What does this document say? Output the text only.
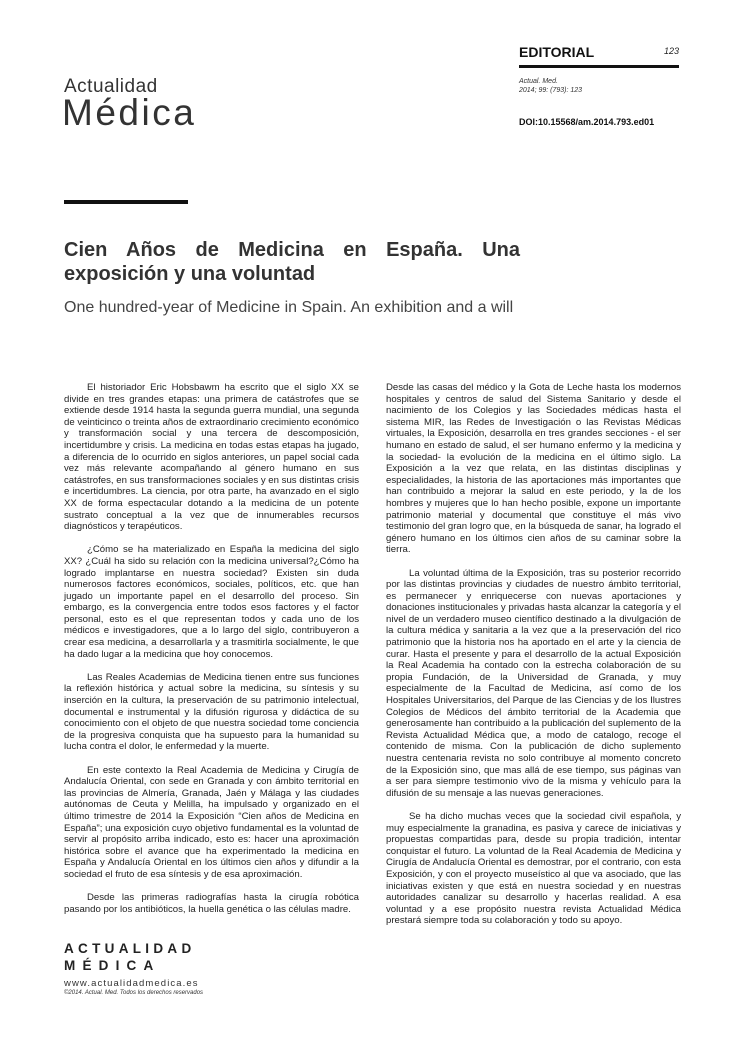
Actualidad
Médica
EDITORIAL	123
Actual. Med.
2014; 99: (793): 123
DOI:10.15568/am.2014.793.ed01
Cien Años de Medicina en España. Una exposición y una voluntad
One hundred-year of Medicine in Spain. An exhibition and a will

El historiador Eric Hobsbawm ha escrito que el siglo XX se divide en tres grandes etapas: una primera de catástrofes que se extiende desde 1914 hasta la segunda guerra mundial, una segunda de veinticinco o treinta años de extraordinario crecimiento económico y transformación social y una tercera de descomposición, incertidumbre y crisis. La medicina en todas estas etapas ha jugado, a diferencia de lo ocurrido en siglos anteriores, un papel social cada vez más relevante acompañando al género humano en sus catástrofes, en sus transformaciones sociales y en sus distintas crisis e incertidumbres. La ciencia, por otra parte, ha avanzado en el siglo XX de forma espectacular dotando a la medicina de un potente sustrato conceptual a la vez que de innumerables recursos diagnósticos y terapéuticos.

¿Cómo se ha materializado en España la medicina del siglo XX? ¿Cuál ha sido su relación con la medicina universal?¿Cómo ha logrado implantarse en nuestra sociedad? Existen sin duda numerosos factores económicos, sociales, políticos, etc. que han jugado un importante papel en el desarrollo del proceso. Sin embargo, es la convergencia entre todos esos factores y el factor personal, esto es el que representan todos y cada uno de los médicos e investigadores, que a lo largo del siglo, contribuyeron a crear esa medicina, a desarrollarla y a trasmitirla socialmente, le que ha dado lugar a la medicina que hoy conocemos.

Las Reales Academias de Medicina tienen entre sus funciones la reflexión histórica y actual sobre la medicina, su síntesis y su inserción en la cultura, la preservación de su patrimonio intelectual, documental e instrumental y la difusión rigurosa y didáctica de su conocimiento con el objeto de que nuestra sociedad tome conciencia de la progresiva conquista que ha supuesto para la humanidad su lucha contra el dolor, le enfermedad y la muerte.

En este contexto la Real Academia de Medicina y Cirugía de Andalucía Oriental, con sede en Granada y con ámbito territorial en las provincias de Almería, Granada, Jaén y Málaga y las ciudades autónomas de Ceuta y Melilla, ha impulsado y organizado en el último trimestre de 2014 la Exposición “Cien años de Medicina en España”; una exposición cuyo objetivo fundamental es la voluntad de servir al propósito arriba indicado, esto es: hacer una aproximación histórica sobre el avance que ha experimentado la medicina en España y Andalucía Oriental en los últimos cien años y difundir a la sociedad el fruto de esa síntesis y de esa aproximación.

Desde las primeras radiografías hasta la cirugía robótica pasando por los antibióticos, la huella genética o las células madre.

Desde las casas del médico y la Gota de Leche hasta los modernos hospitales y centros de salud del Sistema Sanitario y desde el nacimiento de los Colegios y las Sociedades médicas hasta el sistema MIR, las Redes de Investigación o las Revistas Médicas virtuales, la Exposición, desarrolla en tres grandes secciones - el ser humano en estado de salud, el ser humano enfermo y la medicina y la sociedad- la evolución de la medicina en el último siglo. La Exposición a la vez que relata, en las distintas disciplinas y especialidades, la historia de las aportaciones más importantes que han contribuido a mejorar la salud en este periodo, y la de los hombres y mujeres que lo han hecho posible, expone un importante patrimonio material y documental que constituye el más vivo testimonio del gran logro que, en la búsqueda de sanar, ha logrado el género humano en los últimos cien años de su caminar sobre la tierra.

La voluntad última de la Exposición, tras su posterior recorrido por las distintas provincias y ciudades de nuestro ámbito territorial, es permanecer y enriquecerse con nuevas aportaciones y donaciones institucionales y privadas hasta alcanzar la categoría y el nivel de un verdadero museo científico destinado a la divulgación de la cultura médica y sanitaria a la vez que a la preservación del rico patrimonio que la historia nos ha aportado en el arte y la ciencia de curar. Hasta el presente y para el desarrollo de la actual Exposición la Real Academia ha contado con la estrecha colaboración de su propia Fundación, de la Universidad de Granada, y muy especialmente de la Facultad de Medicina, así como de los Hospitales Universitarios, del Parque de las Ciencias y de los Ilustres Colegios de Médicos del ámbito territorial de la Academia que generosamente han contribuido a la publicación del suplemento de la Revista Actualidad Médica que, a modo de catalogo, recoge el contenido de misma. Con la publicación de dicho suplemento nuestra centenaria revista no solo contribuye al momento concreto de la Exposición sino, que mas allá de ese tiempo, sus páginas van a ser para siempre testimonio vivo de la misma y vehículo para la difusión de su mensaje a las nuevas generaciones.

Se ha dicho muchas veces que la sociedad civil española, y muy especialmente la granadina, es pasiva y carece de iniciativas y propuestas compartidas para, desde su propia tradición, intentar conquistar el futuro. La voluntad de la Real Academia de Medicina y Cirugía de Andalucía Oriental es demostrar, por el contrario, con esta Exposición, y con el proyecto museístico al que va asociado, que las iniciativas existen y que está en nuestra sociedad y en nuestras autoridades canalizar su desarrollo y hacerlas realidad. A esa voluntad y a ese propósito nuestra revista Actualidad Médica prestará siempre toda su colaboración y todo su apoyo.

ACTUALIDAD
MÉDICA
www.actualidadmedica.es
©2014. Actual. Med. Todos los derechos reservados
